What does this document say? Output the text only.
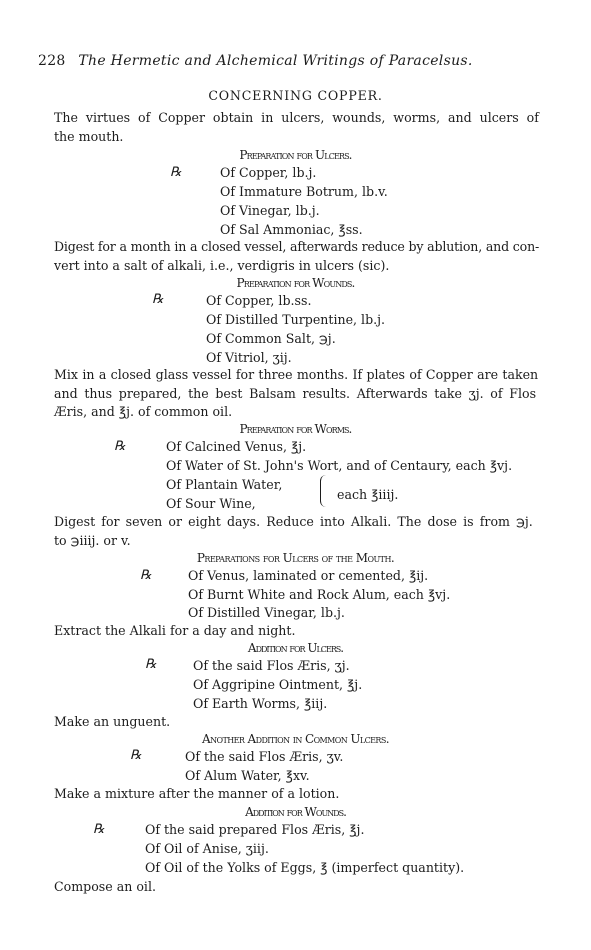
228 The Hermetic and Alchemical Writings of Paracelsus.
CONCERNING COPPER.
The virtues of Copper obtain in ulcers, wounds, worms, and ulcers of
the mouth.
Preparation for Ulcers.
℞	Of Copper, lb.j.
Of Immature Botrum, lb.v.
Of Vinegar, lb.j.
Of Sal Ammoniac, ℥ss.
Digest for a month in a closed vessel, afterwards reduce by ablution, and con-
vert into a salt of alkali, i.e., verdigris in ulcers (sic).
Preparation for Wounds.
℞	Of Copper, lb.ss.
Of Distilled Turpentine, lb.j.
Of Common Salt, ℈j.
Of Vitriol, ʒij.
Mix in a closed glass vessel for three months. If plates of Copper are taken
and thus prepared, the best Balsam results. Afterwards take ʒj. of Flos
Æris, and ℥j. of common oil.
Preparation for Worms.
℞	Of Calcined Venus, ℥j.
Of Water of St. John's Wort, and of Centaury, each ℥vj.
Of Plantain Water,
Of Sour Wine,
each ℥iiij.
Digest for seven or eight days. Reduce into Alkali. The dose is from ℈j.
to ℈iiij. or v.
Preparations for Ulcers of the Mouth.
℞	Of Venus, laminated or cemented, ℥ij.
Of Burnt White and Rock Alum, each ℥vj.
Of Distilled Vinegar, lb.j.
Extract the Alkali for a day and night.
Addition for Ulcers.
℞	Of the said Flos Æris, ʒj.
Of Aggripine Ointment, ℥j.
Of Earth Worms, ℥iij.
Make an unguent.
Another Addition in Common Ulcers.
℞	Of the said Flos Æris, ʒv.
Of Alum Water, ℥xv.
Make a mixture after the manner of a lotion.
Addition for Wounds.
℞	Of the said prepared Flos Æris, ℥j.
Of Oil of Anise, ʒiij.
Of Oil of the Yolks of Eggs, ℥ (imperfect quantity).
Compose an oil.
